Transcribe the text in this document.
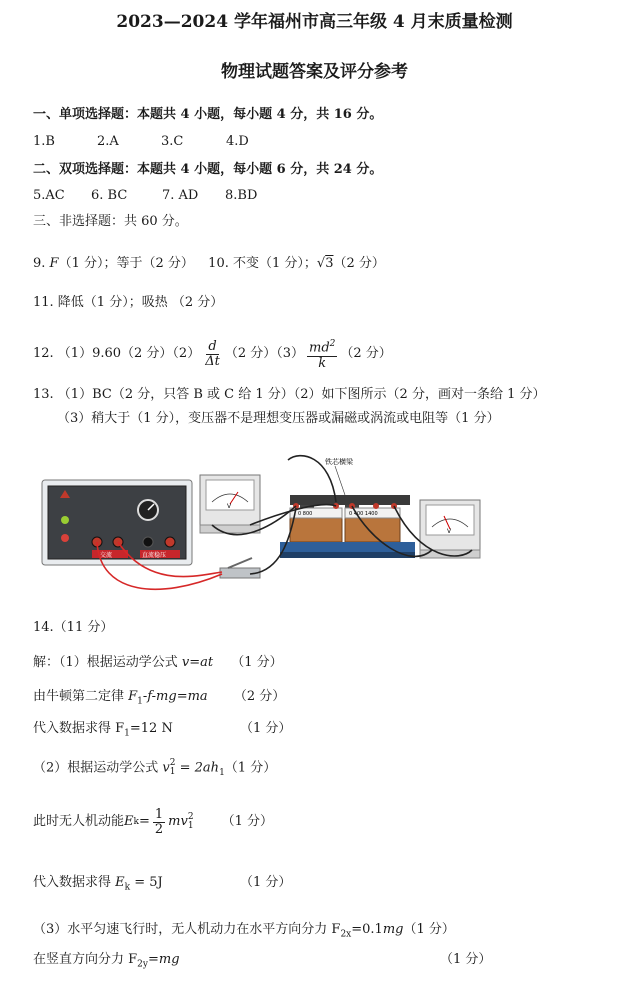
2023—2024 学年福州市高三年级 4 月末质量检测
物理试题答案及评分参考
一、单项选择题：本题共 4 小题，每小题 4 分，共 16 分。
1.B	2.A	3.C	4.D
二、双项选择题：本题共 4 小题，每小题 6 分，共 24 分。
5.AC 6. BC	7. AD 8.BD
三、非选择题：共 60 分。
9. F（1 分）；等于（2 分） 10. 不变（1 分）；√3（2 分）
11. 降低（1 分）；吸热 （2 分）
12. （1）9.60（2 分）$(2) \frac{d}{\Delta t} (2$ 分）$(3) \frac{md^2}{k} (2$ 分）
13. （1）BC（2 分，只答 B 或 C 给 1 分）（2）如下图所示（2 分，画对一条给 1 分）
（3）稍大于（1 分），变压器不是理想变压器或漏磁或涡流或电阻等（1 分）
交流	直流稳压
V
0 800	0 400 1400
铁芯横梁
V
14.（11 分）
解：（1）根据运动学公式 v=at （1 分）
由牛顿第二定律 $F_1-f-mg=ma$ （2 分）
代入数据求得 $F_1=12$ N	（1 分）
（2）根据运动学公式 v 2
$1 = 2ah_1(1$ 分）
此时无人机动能 E $k = \frac{1}{2}$ mv 2
1 （1 分）
代入数据求得 $E_k = 5J$	（1 分）
（3）水平匀速飞行时，无人机动力在水平方向分力 $F_{2x}=0.1mg(1$ 分）
在竖直方向分力 $F_{2y}=mg$	（1 分）
